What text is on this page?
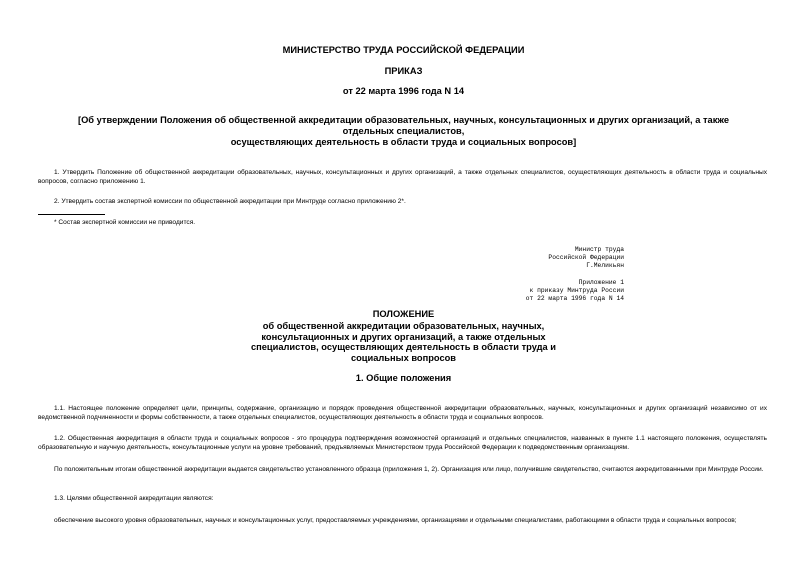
МИНИСТЕРСТВО ТРУДА РОССИЙСКОЙ ФЕДЕРАЦИИ
ПРИКАЗ
от 22 марта 1996 года N 14
[Об утверждении Положения об общественной аккредитации образовательных, научных, консультационных и других организаций, а также отдельных специалистов,
осуществляющих деятельность в области труда и социальных вопросов]
1. Утвердить Положение об общественной аккредитации образовательных, научных, консультационных и других организаций, а также отдельных специалистов, осуществляющих деятельность в области труда и социальных вопросов, согласно приложению 1.
2. Утвердить состав экспертной комиссии по общественной аккредитации при Минтруде согласно приложению 2*.
* Состав экспертной комиссии не приводится.
Министр труда
Российской Федерации
Г.Меликьян
Приложение 1
к приказу Минтруда России
от 22 марта 1996 года N 14
ПОЛОЖЕНИЕ
об общественной аккредитации образовательных, научных, консультационных и других организаций, а также отдельных специалистов, осуществляющих деятельность в области труда и социальных вопросов
1. Общие положения
1.1. Настоящее положение определяет цели, принципы, содержание, организацию и порядок проведения общественной аккредитации образовательных, научных, консультационных и других организаций независимо от их ведомственной подчиненности и формы собственности, а также отдельных специалистов, осуществляющих деятельность в области труда и социальных вопросов.
1.2. Общественная аккредитация в области труда и социальных вопросов - это процедура подтверждения возможностей организаций и отдельных специалистов, названных в пункте 1.1 настоящего положения, осуществлять образовательную и научную деятельность, консультационные услуги на уровне требований, предъявляемых Министерством труда Российской Федерации к подведомственным организациям.
По положительным итогам общественной аккредитации выдается свидетельство установленного образца (приложения 1, 2). Организация или лицо, получившие свидетельство, считаются аккредитованными при Минтруде России.
1.3. Целями общественной аккредитации являются:
обеспечение высокого уровня образовательных, научных и консультационных услуг, предоставляемых учреждениями, организациями и отдельными специалистами, работающими в области труда и социальных вопросов;
